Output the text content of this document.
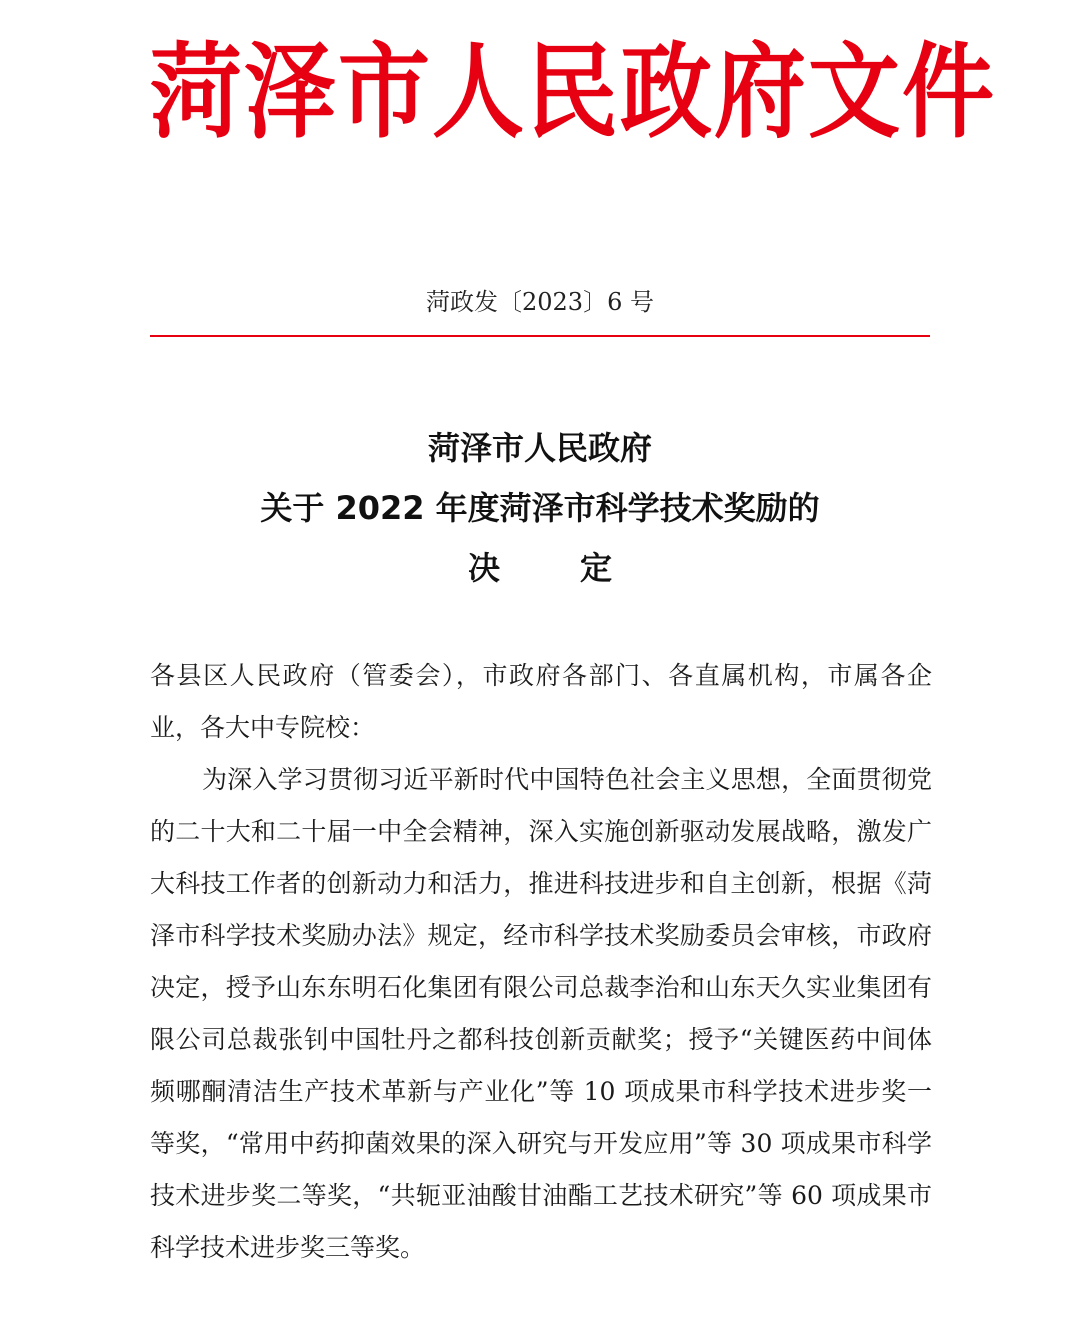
菏泽市人民政府文件
菏政发〔2023〕6 号
菏泽市人民政府
关于 2022 年度菏泽市科学技术奖励的
决	定

各县区人民政府（管委会），市政府各部门、各直属机构，市属各企业，各大中专院校：

为深入学习贯彻习近平新时代中国特色社会主义思想，全面贯彻党的二十大和二十届一中全会精神，深入实施创新驱动发展战略，激发广大科技工作者的创新动力和活力，推进科技进步和自主创新，根据《菏泽市科学技术奖励办法》规定，经市科学技术奖励委员会审核，市政府决定，授予山东东明石化集团有限公司总裁李治和山东天久实业集团有限公司总裁张钊中国牡丹之都科技创新贡献奖；授予“关键医药中间体频哪酮清洁生产技术革新与产业化”等 10 项成果市科学技术进步奖一等奖，“常用中药抑菌效果的深入研究与开发应用”等 30 项成果市科学技术进步奖二等奖，“共轭亚油酸甘油酯工艺技术研究”等 60 项成果市科学技术进步奖三等奖。
